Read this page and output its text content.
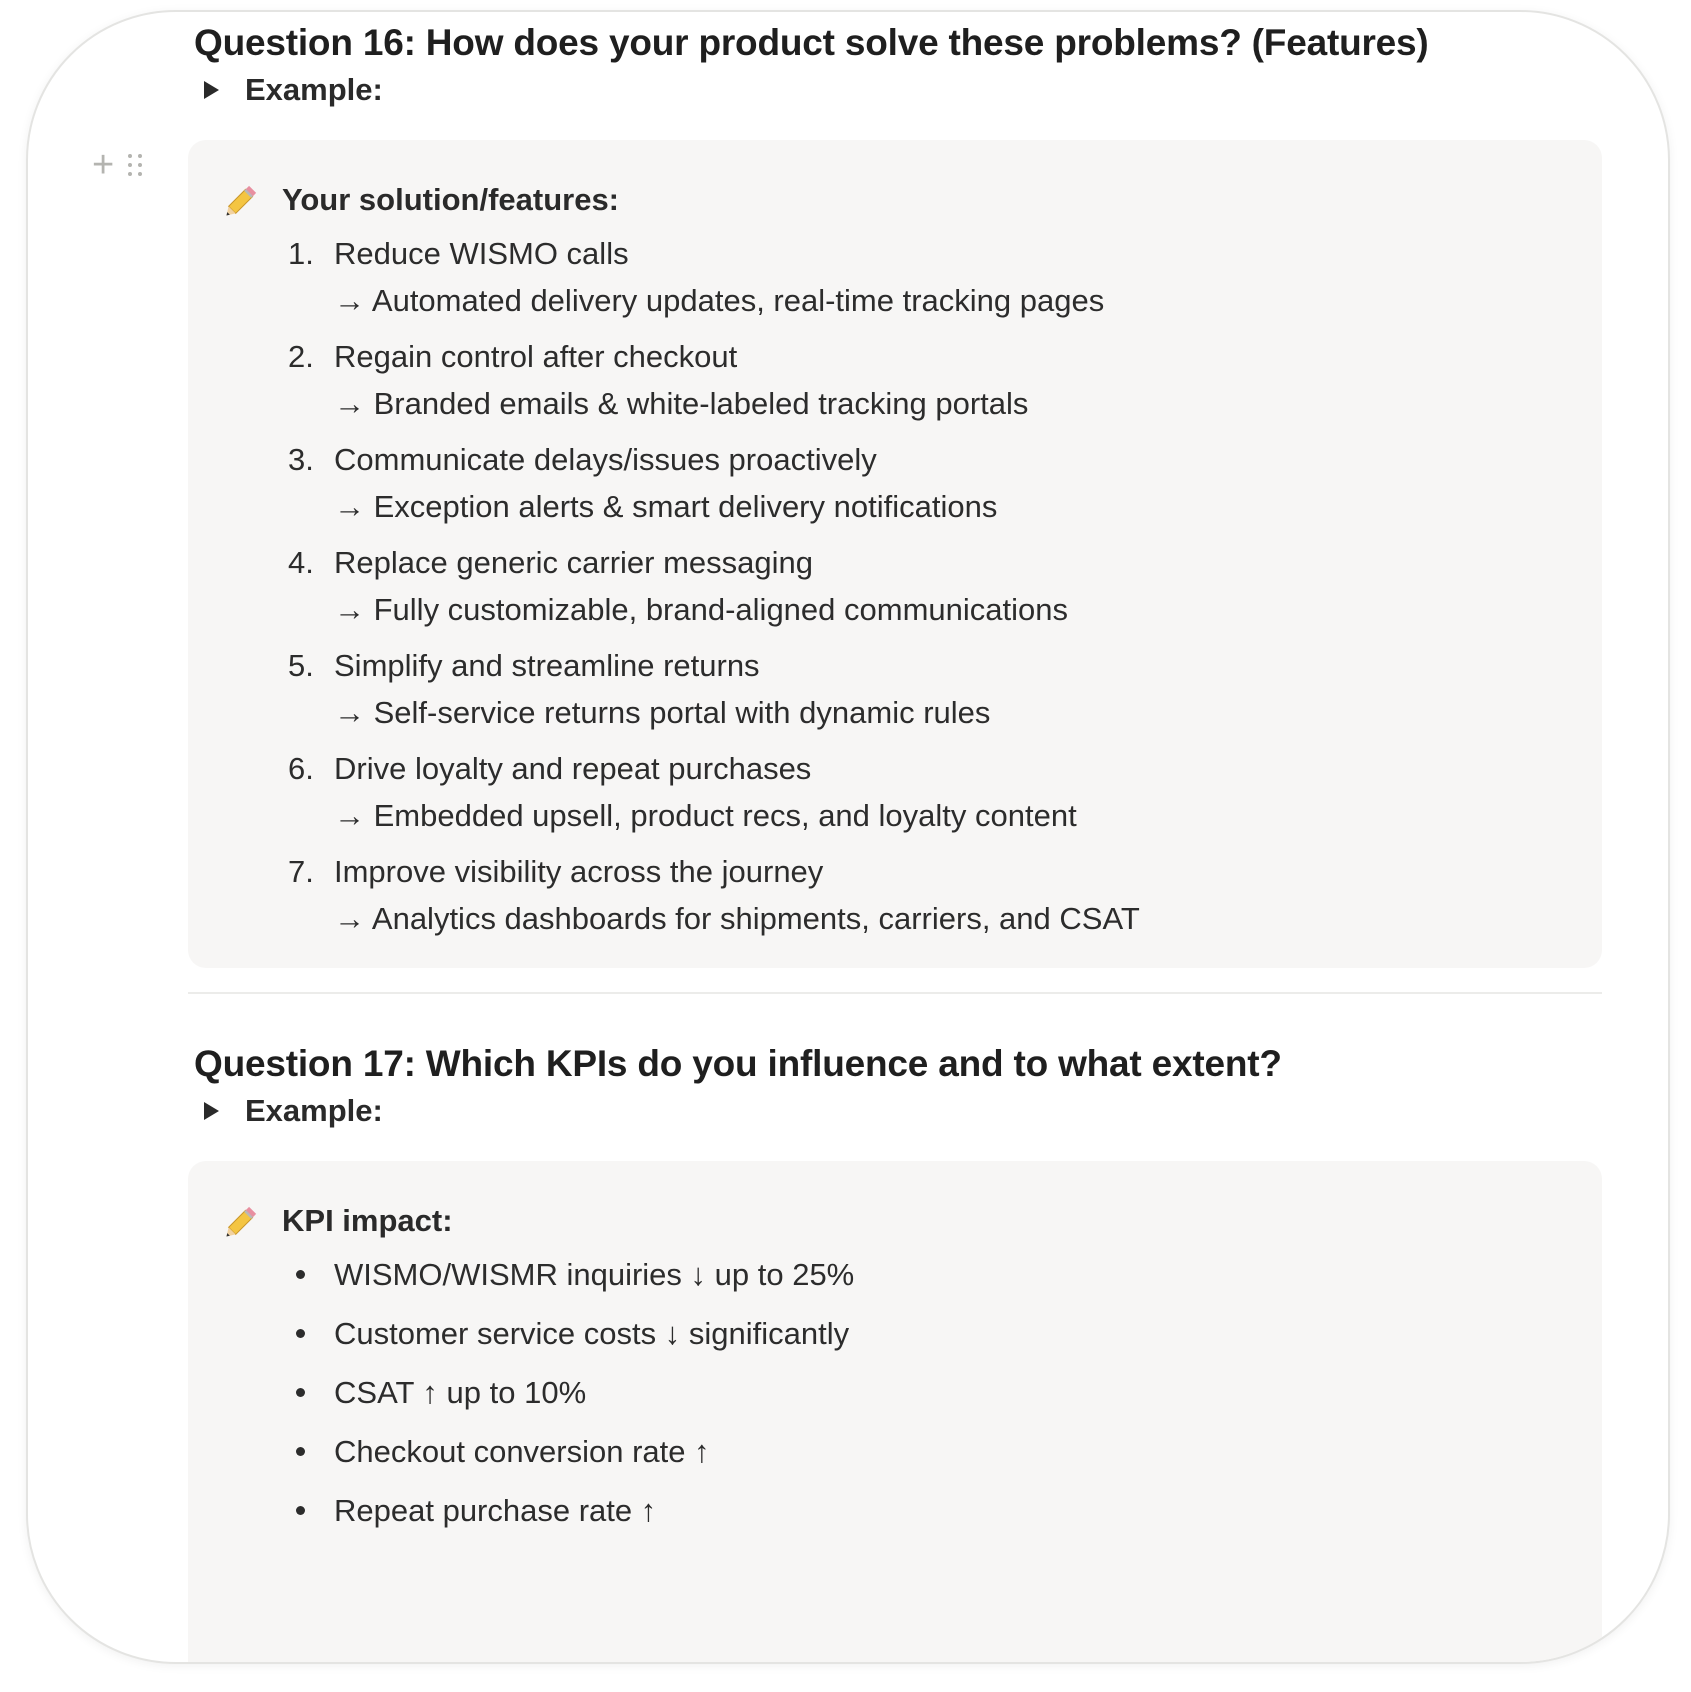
Question 16: How does your product solve these problems? (Features)
Example:
+
Your solution/features:
1. Reduce WISMO calls
→ Automated delivery updates, real-time tracking pages
2. Regain control after checkout
→ Branded emails & white-labeled tracking portals
3. Communicate delays/issues proactively
→ Exception alerts & smart delivery notifications
4. Replace generic carrier messaging
→ Fully customizable, brand-aligned communications
5. Simplify and streamline returns
→ Self-service returns portal with dynamic rules
6. Drive loyalty and repeat purchases
→ Embedded upsell, product recs, and loyalty content
7. Improve visibility across the journey
→ Analytics dashboards for shipments, carriers, and CSAT
Question 17: Which KPIs do you influence and to what extent?
Example:
KPI impact:
WISMO/WISMR inquiries ↓ up to 25%
Customer service costs ↓ significantly
CSAT ↑ up to 10%
Checkout conversion rate ↑
Repeat purchase rate ↑
